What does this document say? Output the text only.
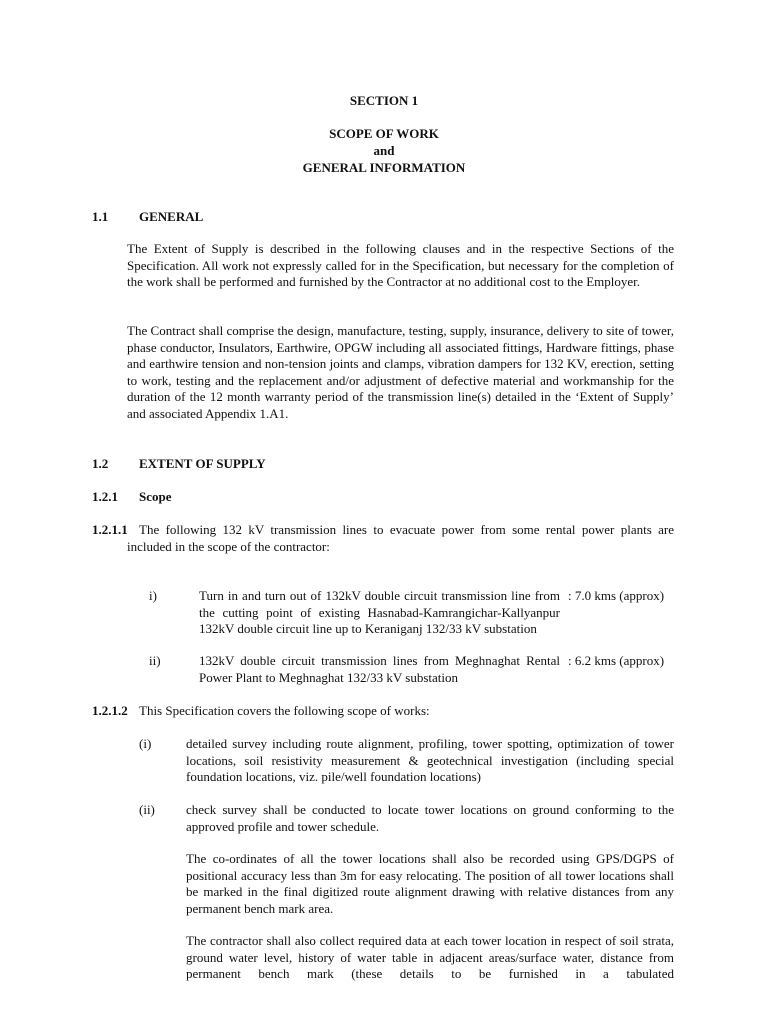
SECTION 1
SCOPE OF WORK
and
GENERAL INFORMATION
1.1 GENERAL
The Extent of Supply is described in the following clauses and in the respective Sections of the Specification. All work not expressly called for in the Specification, but necessary for the completion of the work shall be performed and furnished by the Contractor at no additional cost to the Employer.
The Contract shall comprise the design, manufacture, testing, supply, insurance, delivery to site of tower, phase conductor, Insulators, Earthwire, OPGW including all associated fittings, Hardware fittings, phase and earthwire tension and non-tension joints and clamps, vibration dampers for 132 KV, erection, setting to work, testing and the replacement and/or adjustment of defective material and workmanship for the duration of the 12 month warranty period of the transmission line(s) detailed in the ‘Extent of Supply’ and associated Appendix 1.A1.
1.2 EXTENT OF SUPPLY
1.2.1 Scope
1.2.1.1 The following 132 kV transmission lines to evacuate power from some rental power plants are included in the scope of the contractor:
i)	Turn in and turn out of 132kV double circuit transmission line from the cutting point of existing Hasnabad-Kamrangichar-Kallyanpur 132kV double circuit line up to Keraniganj 132/33 kV substation
: 7.0 kms (approx)
ii)	132kV double circuit transmission lines from Meghnaghat Rental Power Plant to Meghnaghat 132/33 kV substation
: 6.2 kms (approx)
1.2.1.2 This Specification covers the following scope of works:
(i)	detailed survey including route alignment, profiling, tower spotting, optimization of tower locations, soil resistivity measurement & geotechnical investigation (including special foundation locations, viz. pile/well foundation locations)
(ii) check survey shall be conducted to locate tower locations on ground conforming to the approved profile and tower schedule.
The co-ordinates of all the tower locations shall also be recorded using GPS/DGPS of positional accuracy less than 3m for easy relocating. The position of all tower locations shall be marked in the final digitized route alignment drawing with relative distances from any permanent bench mark area.
The contractor shall also collect required data at each tower location in respect of soil strata, ground water level, history of water table in adjacent areas/surface water, distance from permanent bench mark (these details to be furnished in a tabulated
